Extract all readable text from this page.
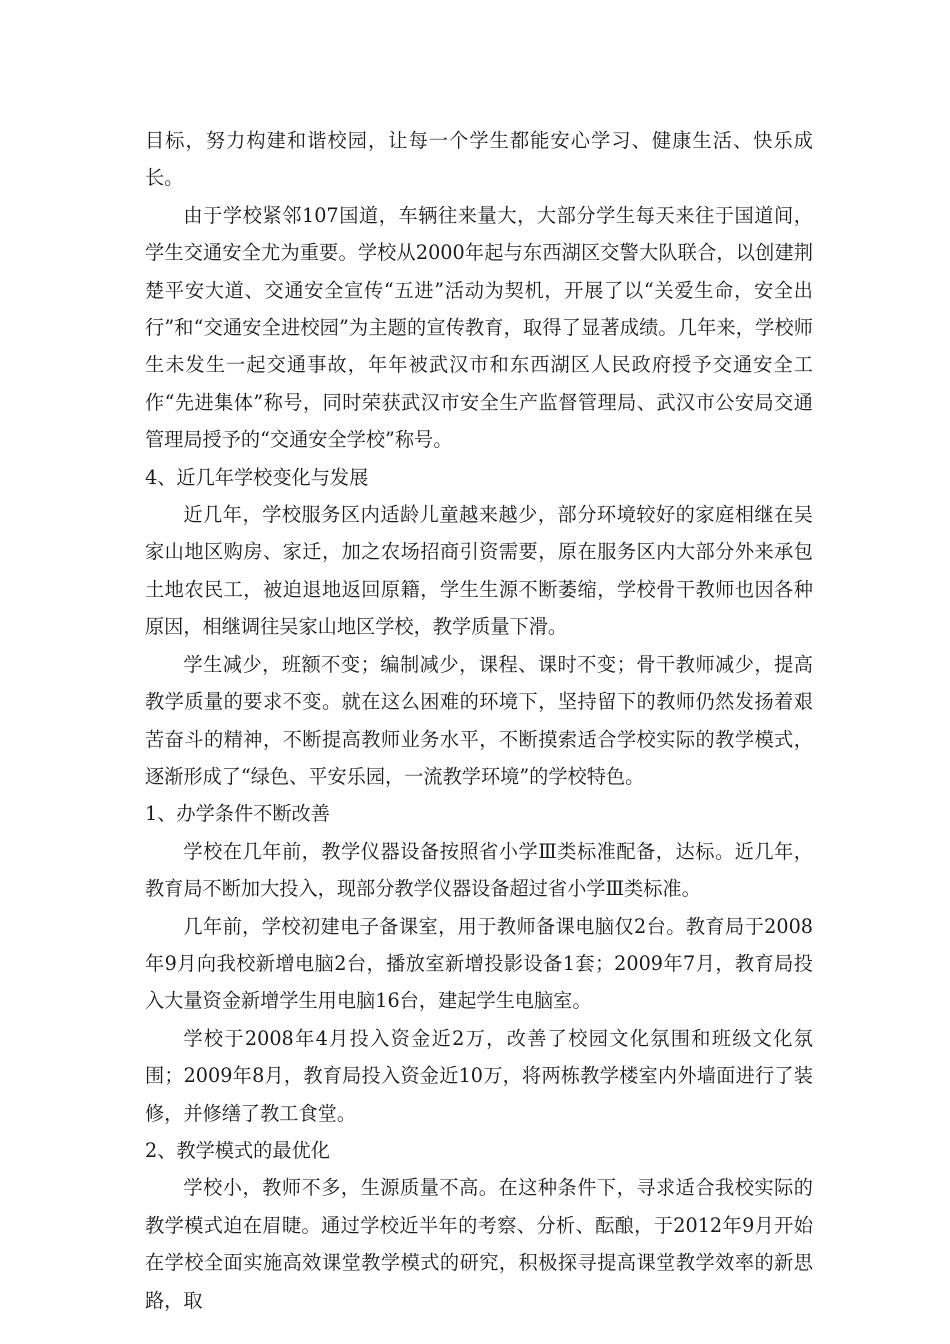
目标，努力构建和谐校园，让每一个学生都能安心学习、健康生活、快乐成长。

由于学校紧邻107国道，车辆往来量大，大部分学生每天来往于国道间，学生交通安全尤为重要。学校从2000年起与东西湖区交警大队联合，以创建荆楚平安大道、交通安全宣传“五进”活动为契机，开展了以“关爱生命，安全出行”和“交通安全进校园”为主题的宣传教育，取得了显著成绩。几年来，学校师生未发生一起交通事故，年年被武汉市和东西湖区人民政府授予交通安全工作“先进集体”称号，同时荣获武汉市安全生产监督管理局、武汉市公安局交通管理局授予的“交通安全学校”称号。

4、近几年学校变化与发展

近几年，学校服务区内适龄儿童越来越少，部分环境较好的家庭相继在吴家山地区购房、家迁，加之农场招商引资需要，原在服务区内大部分外来承包土地农民工，被迫退地返回原籍，学生生源不断萎缩，学校骨干教师也因各种原因，相继调往吴家山地区学校，教学质量下滑。

学生减少，班额不变；编制减少，课程、课时不变；骨干教师减少，提高教学质量的要求不变。就在这么困难的环境下，坚持留下的教师仍然发扬着艰苦奋斗的精神，不断提高教师业务水平，不断摸索适合学校实际的教学模式，逐渐形成了“绿色、平安乐园，一流教学环境”的学校特色。

1、办学条件不断改善

学校在几年前，教学仪器设备按照省小学Ⅲ类标准配备，达标。近几年，教育局不断加大投入，现部分教学仪器设备超过省小学Ⅲ类标准。

几年前，学校初建电子备课室，用于教师备课电脑仅2台。教育局于2008年9月向我校新增电脑2台，播放室新增投影设备1套；2009年7月，教育局投入大量资金新增学生用电脑16台，建起学生电脑室。

学校于2008年4月投入资金近2万，改善了校园文化氛围和班级文化氛围；2009年8月，教育局投入资金近10万，将两栋教学楼室内外墙面进行了装修，并修缮了教工食堂。

2、教学模式的最优化

学校小，教师不多，生源质量不高。在这种条件下，寻求适合我校实际的教学模式迫在眉睫。通过学校近半年的考察、分析、酝酿，于2012年9月开始在学校全面实施高效课堂教学模式的研究，积极探寻提高课堂教学效率的新思路，取
